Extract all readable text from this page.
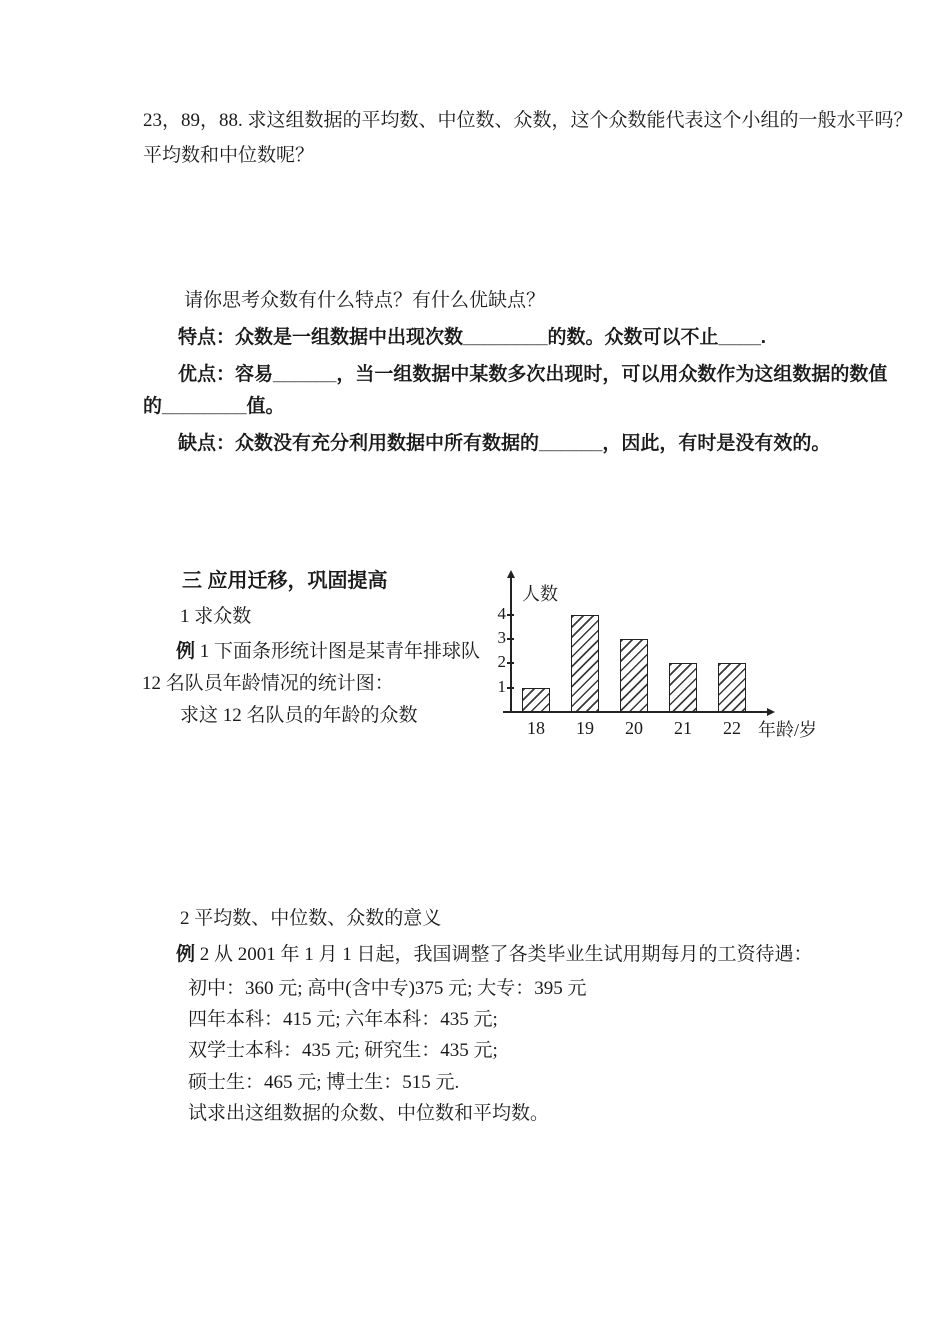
23，89，88. 求这组数据的平均数、中位数、众数，这个众数能代表这个小组的一般水平吗？
平均数和中位数呢？
请你思考众数有什么特点？有什么优缺点？
特点：众数是一组数据中出现次数________的数。众数可以不止____.
优点：容易______，当一组数据中某数多次出现时，可以用众数作为这组数据的数值
的________值。
缺点：众数没有充分利用数据中所有数据的______，因此，有时是没有效的。
三 应用迁移，巩固提高
1 求众数
例 1 下面条形统计图是某青年排球队
12 名队员年龄情况的统计图：
求这 12 名队员的年龄的众数
人数
年龄/岁
1
2
3
4
18	19	20	21	22
2 平均数、中位数、众数的意义
例 2 从 2001 年 1 月 1 日起，我国调整了各类毕业生试用期每月的工资待遇：
初中：360 元; 高中(含中专)375 元; 大专：395 元
四年本科：415 元; 六年本科：435 元;
双学士本科：435 元; 研究生：435 元;
硕士生：465 元; 博士生：515 元.
试求出这组数据的众数、中位数和平均数。
